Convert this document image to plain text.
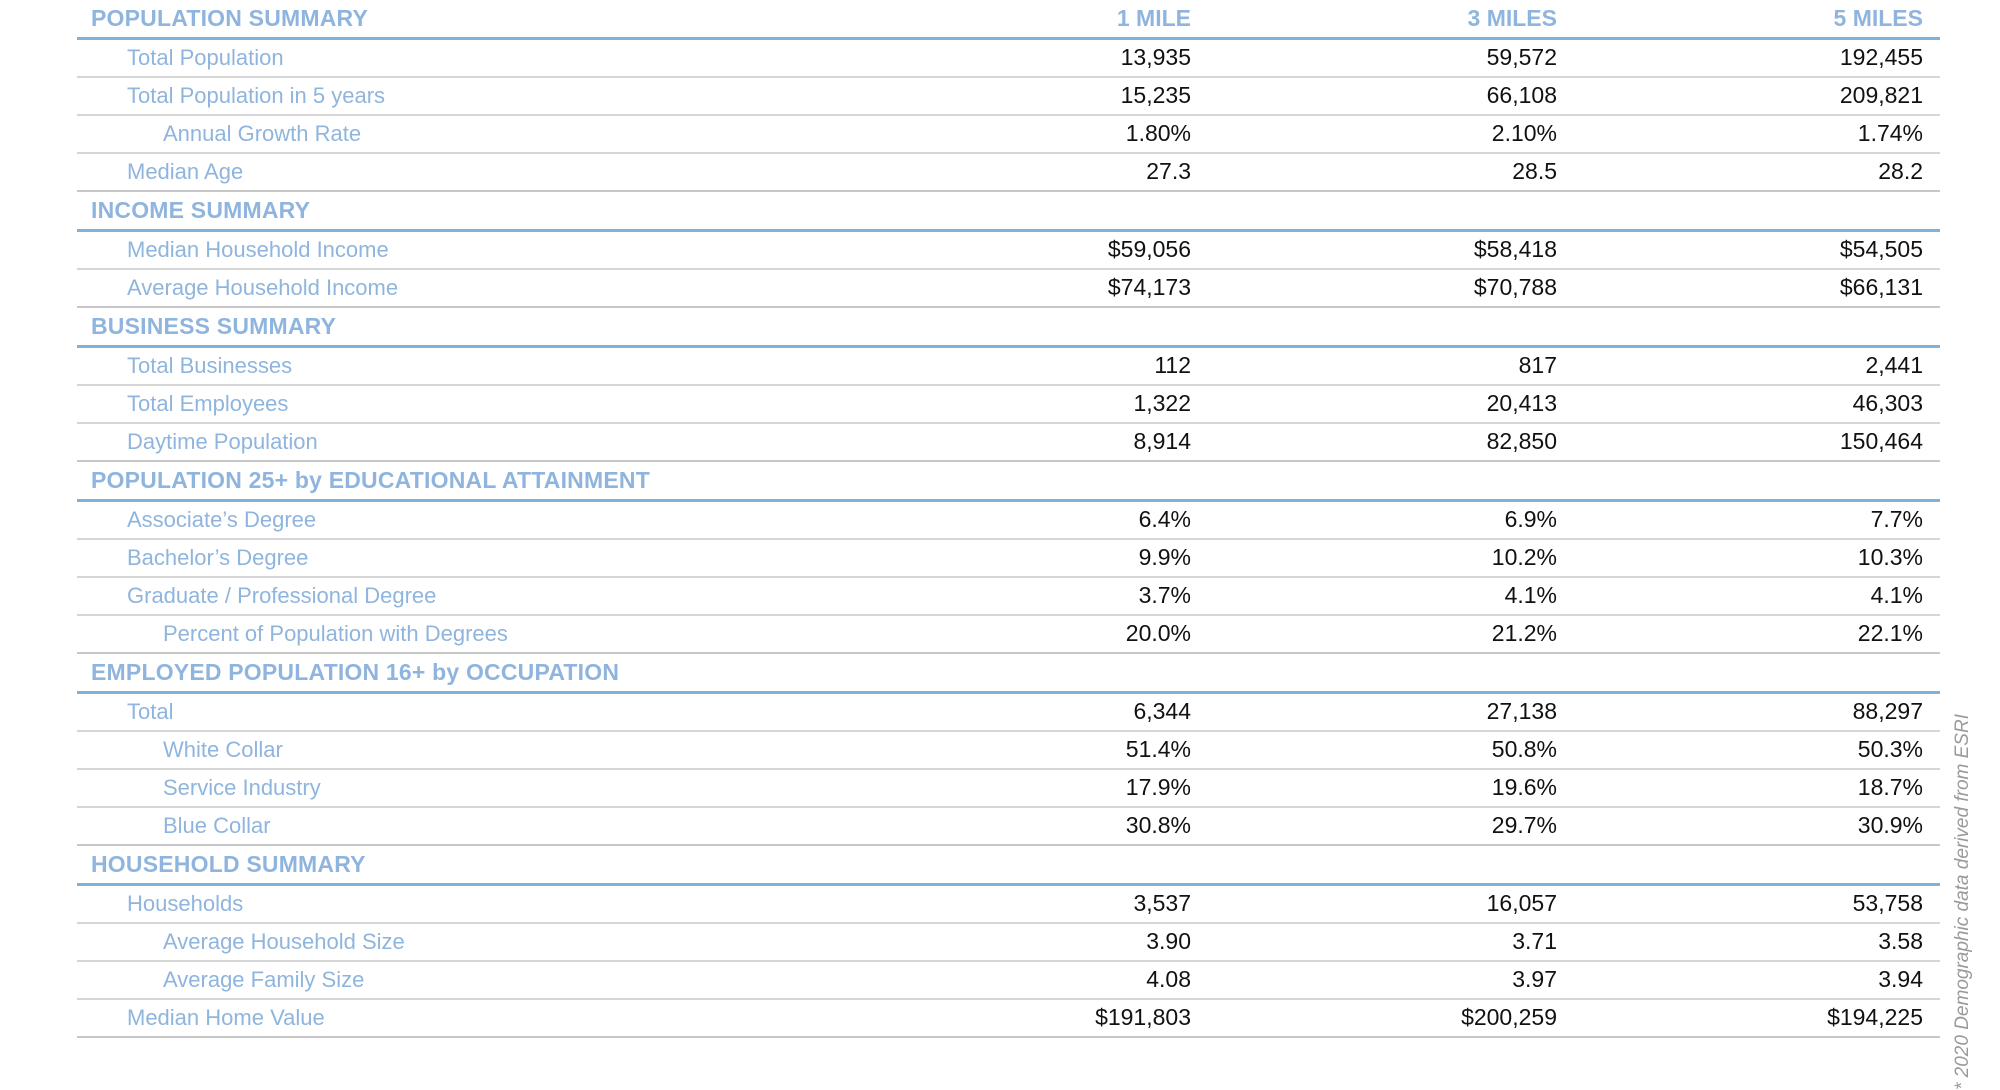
POPULATION SUMMARY	1 MILE	3 MILES	5 MILES
Total Population	13,935	59,572	192,455
Total Population in 5 years	15,235	66,108	209,821
Annual Growth Rate	1.80%	2.10%	1.74%
Median Age	27.3	28.5	28.2
INCOME SUMMARY
Median Household Income	$59,056	$58,418	$54,505
Average Household Income	$74,173	$70,788	$66,131
BUSINESS SUMMARY
Total Businesses	112	817	2,441
Total Employees	1,322	20,413	46,303
Daytime Population	8,914	82,850	150,464
POPULATION 25+ by EDUCATIONAL ATTAINMENT
Associate’s Degree	6.4%	6.9%	7.7%
Bachelor’s Degree	9.9%	10.2%	10.3%
Graduate / Professional Degree	3.7%	4.1%	4.1%
Percent of Population with Degrees	20.0%	21.2%	22.1%
EMPLOYED POPULATION 16+ by OCCUPATION
Total	6,344	27,138	88,297
White Collar	51.4%	50.8%	50.3%
Service Industry	17.9%	19.6%	18.7%
Blue Collar	30.8%	29.7%	30.9%
HOUSEHOLD SUMMARY
Households	3,537	16,057	53,758
Average Household Size	3.90	3.71	3.58
Average Family Size	4.08	3.97	3.94
Median Home Value	$191,803	$200,259	$194,225 * 2020 Demographic data derived from ESRI
